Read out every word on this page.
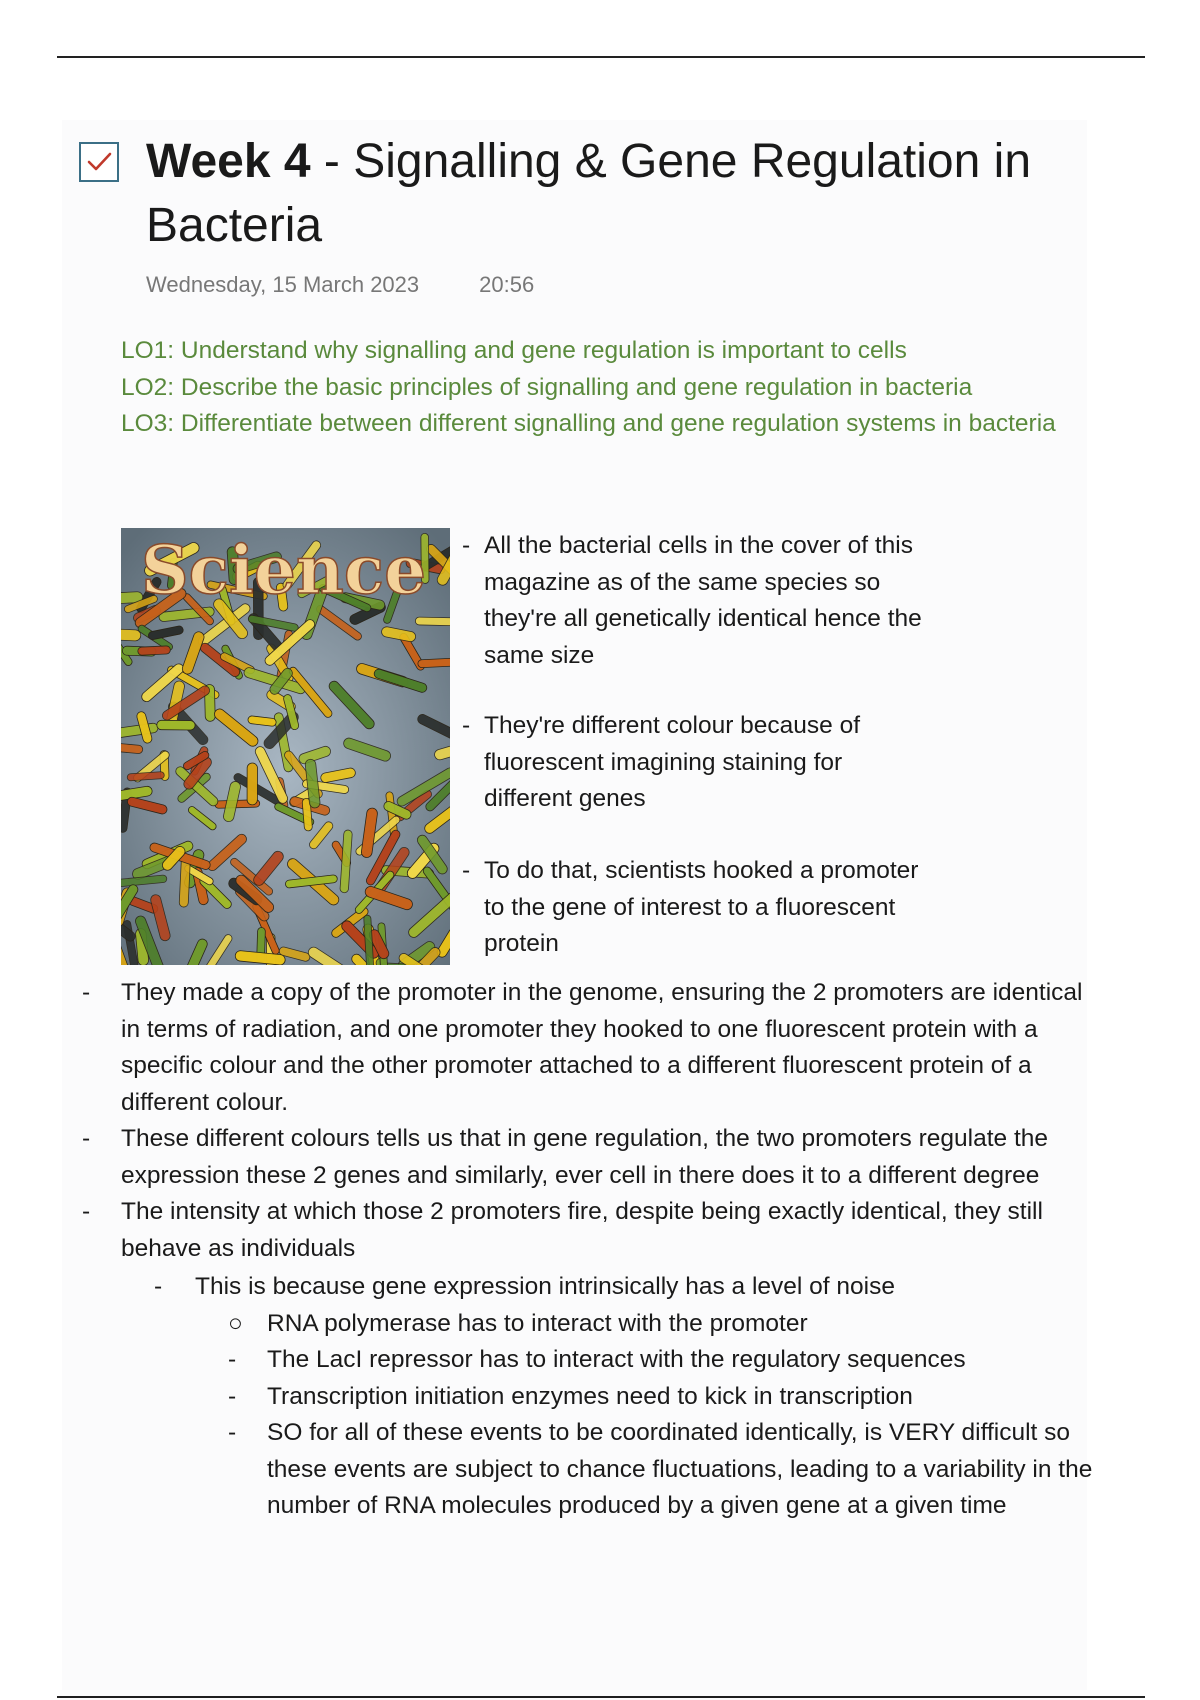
Week 4 - Signalling & Gene Regulation in Bacteria
Wednesday, 15 March 2023	20:56
LO1: Understand why signalling and gene regulation is important to cells
LO2: Describe the basic principles of signalling and gene regulation in bacteria
LO3: Differentiate between different signalling and gene regulation systems in bacteria
Science - All the bacterial cells in the cover of this magazine as of the same species so they're all genetically identical hence the same size
- They're different colour because of fluorescent imagining staining for different genes
- To do that, scientists hooked a promoter to the gene of interest to a fluorescent protein
- They made a copy of the promoter in the genome, ensuring the 2 promoters are identical in terms of radiation, and one promoter they hooked to one fluorescent protein with a specific colour and the other promoter attached to a different fluorescent protein of a different colour.
- These different colours tells us that in gene regulation, the two promoters regulate the expression these 2 genes and similarly, ever cell in there does it to a different degree
- The intensity at which those 2 promoters fire, despite being exactly identical, they still behave as individuals
- This is because gene expression intrinsically has a level of noise
○ RNA polymerase has to interact with the promoter
- The LacI repressor has to interact with the regulatory sequences
- Transcription initiation enzymes need to kick in transcription
- SO for all of these events to be coordinated identically, is VERY difficult so these events are subject to chance fluctuations, leading to a variability in the number of RNA molecules produced by a given gene at a given time
